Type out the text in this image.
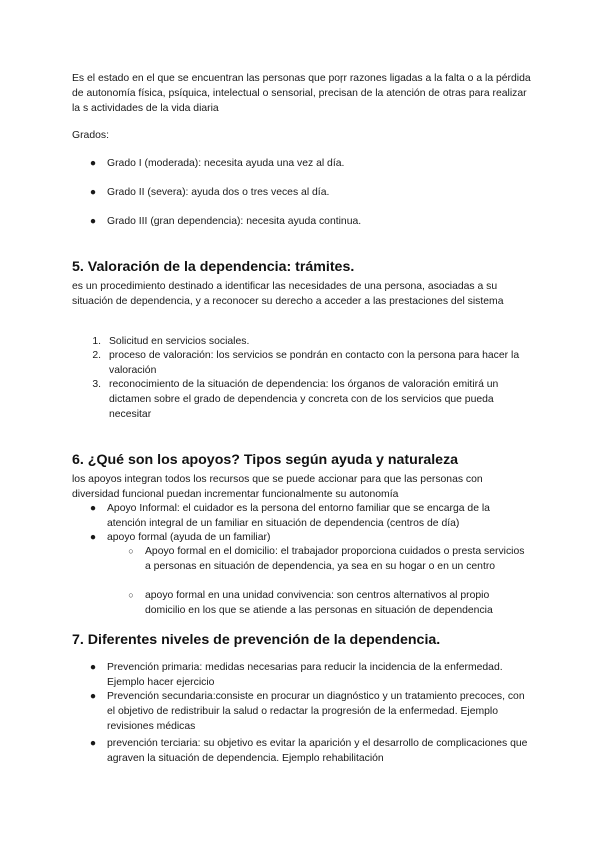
Es el estado en el que se encuentran las personas que poŗr razones ligadas a la falta o a la pérdida de autonomía física, psíquica, intelectual o sensorial, precisan de la atención de otras para realizar la s actividades de la vida diaria

Grados:

●	Grado I (moderada): necesita ayuda una vez al día.
●	Grado II (severa): ayuda dos o tres veces al día.
●	Grado III (gran dependencia): necesita ayuda continua.
5. Valoración de la dependencia: trámites.

es un procedimiento destinado a identificar las necesidades de una persona, asociadas a su situación de dependencia, y a reconocer su derecho a acceder a las prestaciones del sistema

1. Solicitud en servicios sociales.
2. proceso de valoración: los servicios se pondrán en contacto con la persona para hacer la valoración
3. reconocimiento de la situación de dependencia: los órganos de valoración emitirá un dictamen sobre el grado de dependencia y concreta con de los servicios que pueda necesitar
6. ¿Qué son los apoyos? Tipos según ayuda y naturaleza

los apoyos integran todos los recursos que se puede accionar para que las personas con diversidad funcional puedan incrementar funcionalmente su autonomía

●	Apoyo Informal: el cuidador es la persona del entorno familiar que se encarga de la atención integral de un familiar en situación de dependencia (centros de día)
●	apoyo formal (ayuda de un familiar)
○	Apoyo formal en el domicilio: el trabajador proporciona cuidados o presta servicios a personas en situación de dependencia, ya sea en su hogar o en un centro
○	apoyo formal en una unidad convivencia: son centros alternativos al propio domicilio en los que se atiende a las personas en situación de dependencia
7. Diferentes niveles de prevención de la dependencia.
●	Prevención primaria: medidas necesarias para reducir la incidencia de la enfermedad. Ejemplo hacer ejercicio
●	Prevención secundaria:consiste en procurar un diagnóstico y un tratamiento precoces, con el objetivo de redistribuir la salud o redactar la progresión de la enfermedad. Ejemplo revisiones médicas
●	prevención terciaria: su objetivo es evitar la aparición y el desarrollo de complicaciones que agraven la situación de dependencia. Ejemplo rehabilitación
